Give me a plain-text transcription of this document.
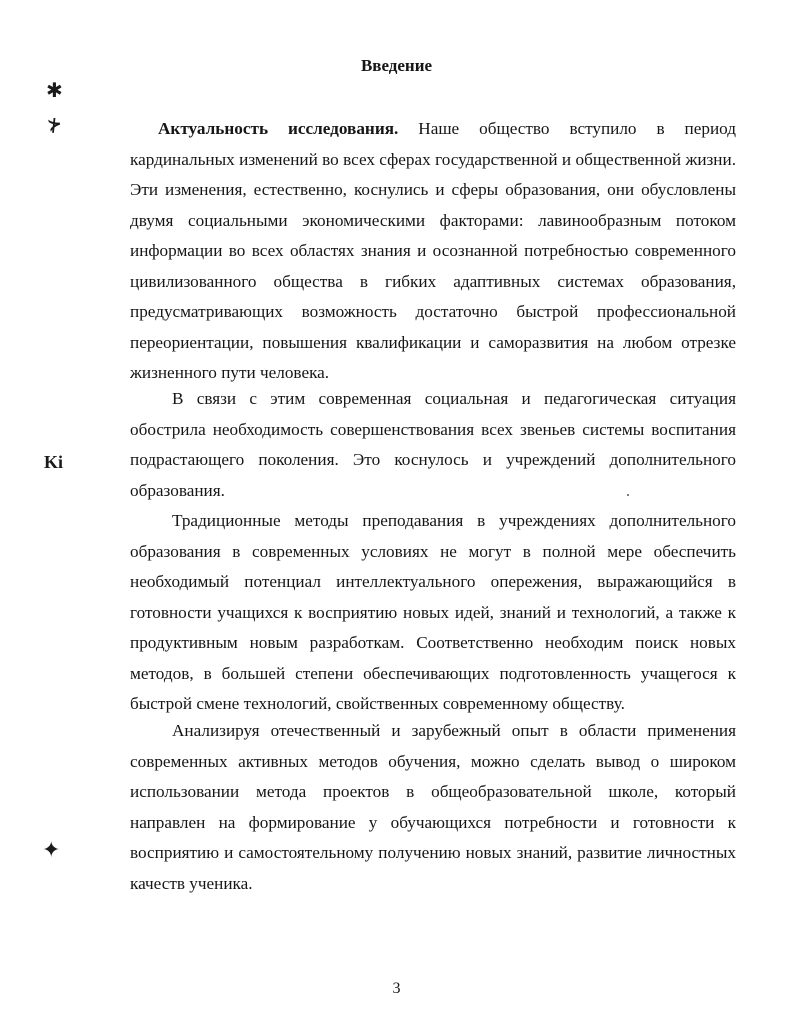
Введение

Актуальность исследования. Наше общество вступило в период кардинальных изменений во всех сферах государственной и общественной жизни. Эти изменения, естественно, коснулись и сферы образования, они обусловлены двумя социальными экономическими факторами: лавинообразным потоком информации во всех областях знания и осознанной потребностью современного цивилизованного общества в гибких адаптивных системах образования, предусматривающих возможность достаточно быстрой профессиональной переориентации, повышения квалификации и саморазвития на любом отрезке жизненного пути человека.

В связи с этим современная социальная и педагогическая ситуация обострила необходимость совершенствования всех звеньев системы воспитания подрастающего поколения. Это коснулось и учреждений дополнительного образования.

Традиционные методы преподавания в учреждениях дополнительного образования в современных условиях не могут в полной мере обеспечить необходимый потенциал интеллектуального опережения, выражающийся в готовности учащихся к восприятию новых идей, знаний и технологий, а также к продуктивным новым разработкам. Соответственно необходим поиск новых методов, в большей степени обеспечивающих подготовленность учащегося к быстрой смене технологий, свойственных современному обществу.

Анализируя отечественный и зарубежный опыт в области применения современных активных методов обучения, можно сделать вывод о широком использовании метода проектов в общеобразовательной школе, который направлен на формирование у обучающихся потребности и готовности к восприятию и самостоятельному получению новых знаний, развитие личностных качеств ученика.

3

✱
⊁
Ki
✦
